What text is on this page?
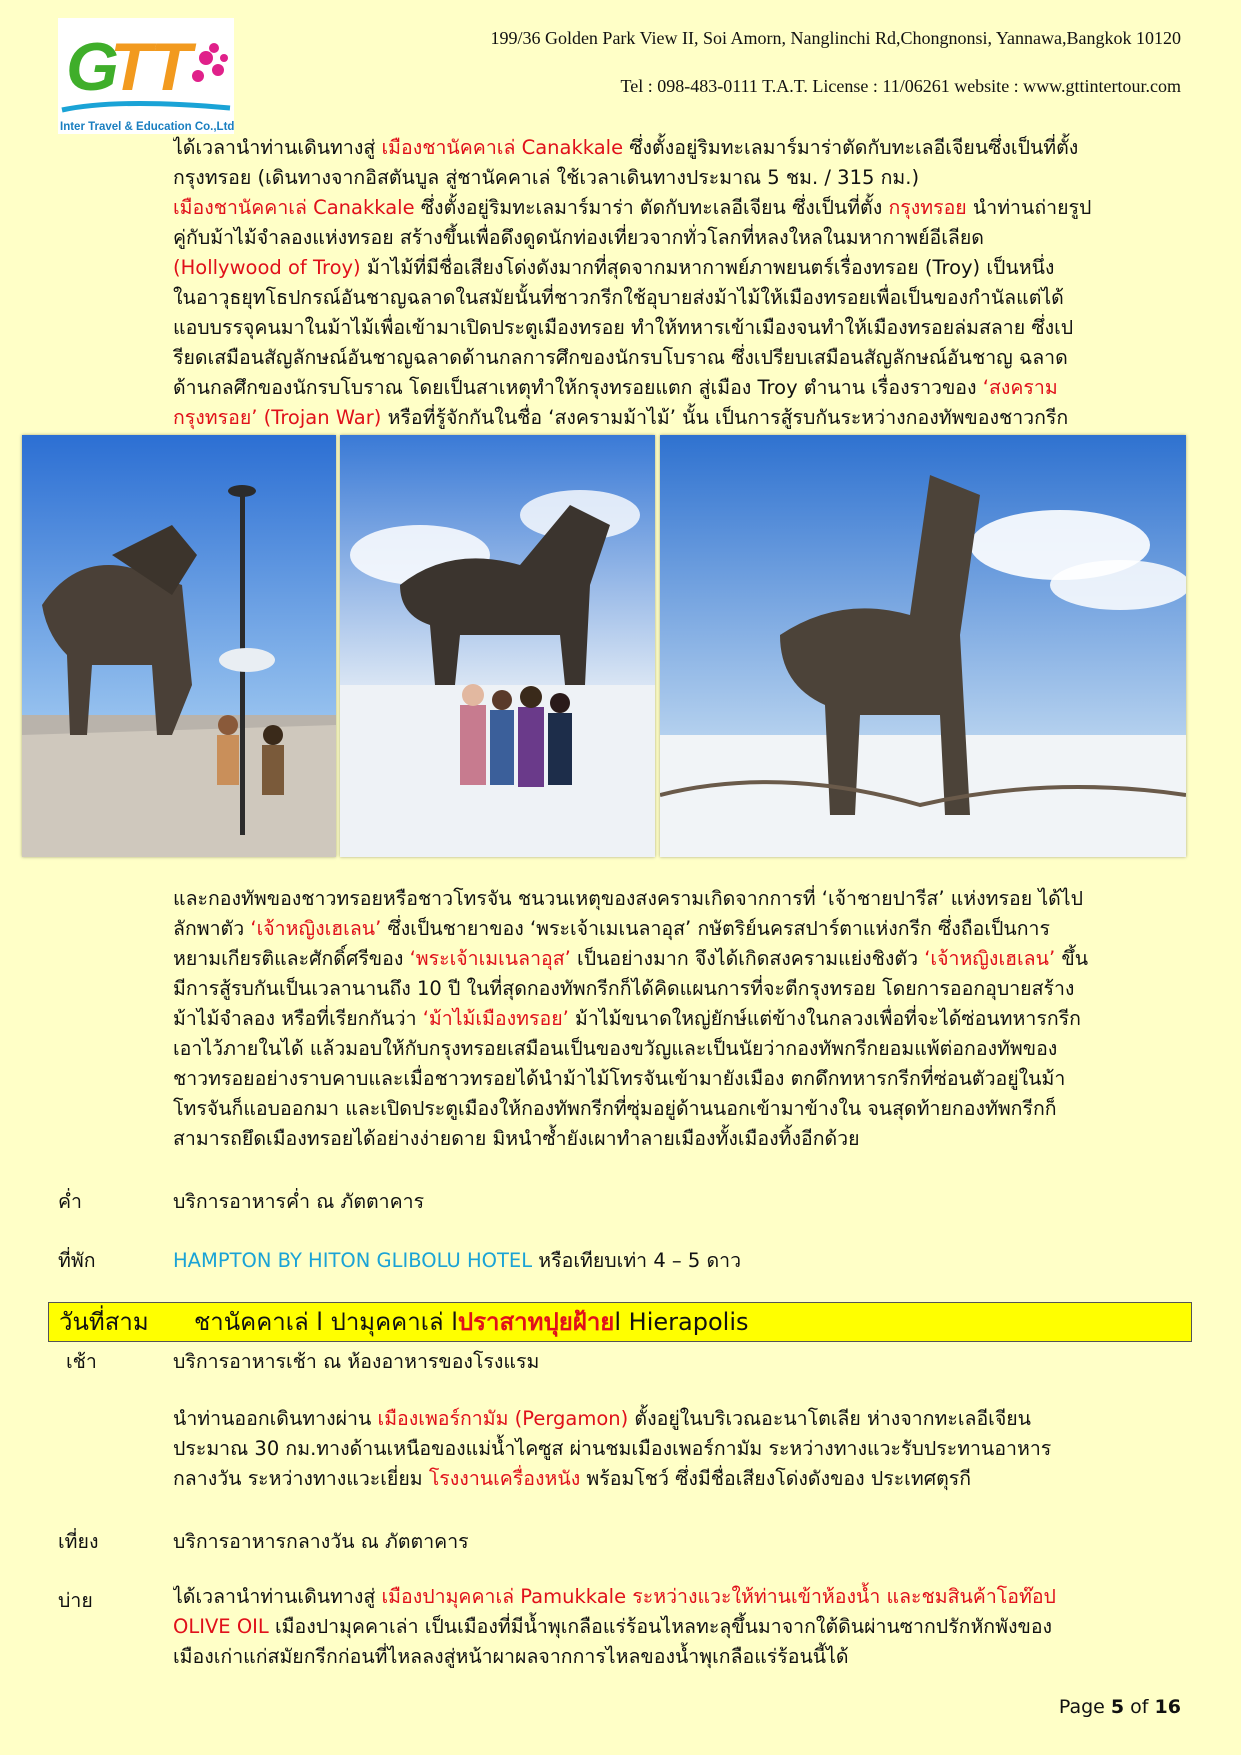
G
T
T
Inter Travel & Education Co.,Ltd.
199/36 Golden Park View II, Soi Amorn, Nanglinchi Rd,Chongnonsi, Yannawa,Bangkok 10120
Tel : 098-483-0111 T.A.T. License : 11/06261 website : www.gttintertour.com
ได้เวลานำท่านเดินทางสู่ เมืองชานัคคาเล่ Canakkale ซึ่งตั้งอยู่ริมทะเลมาร์มาร่าตัดกับทะเลอีเจียนซึ่งเป็นที่ตั้ง
กรุงทรอย (เดินทางจากอิสตันบูล สู่ชานัคคาเล่ ใช้เวลาเดินทางประมาณ 5 ชม. / 315 กม.)
เมืองชานัคคาเล่ Canakkale ซึ่งตั้งอยู่ริมทะเลมาร์มาร่า ตัดกับทะเลอีเจียน ซึ่งเป็นที่ตั้ง กรุงทรอย นำท่านถ่ายรูป
คู่กับม้าไม้จำลองแห่งทรอย สร้างขึ้นเพื่อดึงดูดนักท่องเที่ยวจากทั่วโลกที่หลงใหลในมหากาพย์อีเลียด
(Hollywood of Troy) ม้าไม้ที่มีชื่อเสียงโด่งดังมากที่สุดจากมหากาพย์ภาพยนตร์เรื่องทรอย (Troy) เป็นหนึ่ง
ในอาวุธยุทโธปกรณ์อันชาญฉลาดในสมัยนั้นที่ชาวกรีกใช้อุบายส่งม้าไม้ให้เมืองทรอยเพื่อเป็นของกำนัลแต่ได้
แอบบรรจุคนมาในม้าไม้เพื่อเข้ามาเปิดประตูเมืองทรอย ทำให้ทหารเข้าเมืองจนทำให้เมืองทรอยล่มสลาย ซึ่งเป
รียดเสมือนสัญลักษณ์อันชาญฉลาดด้านกลการศึกของนักรบโบราณ ซึ่งเปรียบเสมือนสัญลักษณ์อันชาญ ฉลาด
ด้านกลศึกของนักรบโบราณ โดยเป็นสาเหตุทำให้กรุงทรอยแตก สู่เมือง Troy ตำนาน เรื่องราวของ ‘สงคราม
กรุงทรอย’ (Trojan War) หรือที่รู้จักกันในชื่อ ‘สงครามม้าไม้’ นั้น เป็นการสู้รบกันระหว่างกองทัพของชาวกรีก
และกองทัพของชาวทรอยหรือชาวโทรจัน ชนวนเหตุของสงครามเกิดจากการที่ ‘เจ้าชายปารีส’ แห่งทรอย ได้ไป
ลักพาตัว ‘เจ้าหญิงเฮเลน’ ซึ่งเป็นชายาของ ‘พระเจ้าเมเนลาอุส’ กษัตริย์นครสปาร์ตาแห่งกรีก ซึ่งถือเป็นการ
หยามเกียรติและศักดิ์ศรีของ ‘พระเจ้าเมเนลาอุส’ เป็นอย่างมาก จึงได้เกิดสงครามแย่งชิงตัว ‘เจ้าหญิงเฮเลน’ ขึ้น
มีการสู้รบกันเป็นเวลานานถึง 10 ปี ในที่สุดกองทัพกรีกก็ได้คิดแผนการที่จะตีกรุงทรอย โดยการออกอุบายสร้าง
ม้าไม้จำลอง หรือที่เรียกกันว่า ‘ม้าไม้เมืองทรอย’ ม้าไม้ขนาดใหญ่ยักษ์แต่ข้างในกลวงเพื่อที่จะได้ซ่อนทหารกรีก
เอาไว้ภายในได้ แล้วมอบให้กับกรุงทรอยเสมือนเป็นของขวัญและเป็นนัยว่ากองทัพกรีกยอมแพ้ต่อกองทัพของ
ชาวทรอยอย่างราบคาบและเมื่อชาวทรอยได้นำม้าไม้โทรจันเข้ามายังเมือง ตกดึกทหารกรีกที่ซ่อนตัวอยู่ในม้า
โทรจันก็แอบออกมา และเปิดประตูเมืองให้กองทัพกรีกที่ซุ่มอยู่ด้านนอกเข้ามาข้างใน จนสุดท้ายกองทัพกรีกก็
สามารถยึดเมืองทรอยได้อย่างง่ายดาย มิหนำซ้ำยังเผาทำลายเมืองทั้งเมืองทิ้งอีกด้วย
ค่ำ	บริการอาหารค่ำ ณ ภัตตาคาร
ที่พัก	HAMPTON BY HITON GLIBOLU HOTEL หรือเทียบเท่า 4 – 5 ดาว
วันที่สาม ชานัคคาเล่ l ปามุคคาเล่ lปราสาทปุยฝ้ายl Hierapolis
เช้า	บริการอาหารเช้า ณ ห้องอาหารของโรงแรม
นำท่านออกเดินทางผ่าน เมืองเพอร์กามัม (Pergamon) ตั้งอยู่ในบริเวณอะนาโตเลีย ห่างจากทะเลอีเจียน
ประมาณ 30 กม.ทางด้านเหนือของแม่น้ำไคซูส ผ่านชมเมืองเพอร์กามัม ระหว่างทางแวะรับประทานอาหาร
กลางวัน ระหว่างทางแวะเยี่ยม โรงงานเครื่องหนัง พร้อมโชว์ ซึ่งมีชื่อเสียงโด่งดังของ ประเทศตุรกี
เที่ยง	บริการอาหารกลางวัน ณ ภัตตาคาร
บ่าย	ได้เวลานำท่านเดินทางสู่ เมืองปามุคคาเล่ Pamukkale ระหว่างแวะให้ท่านเข้าห้องน้ำ และชมสินค้าโอท๊อป
OLIVE OIL เมืองปามุคคาเล่า เป็นเมืองที่มีน้ำพุเกลือแร่ร้อนไหลทะลุขึ้นมาจากใต้ดินผ่านซากปรักหักพังของ
เมืองเก่าแก่สมัยกรีกก่อนที่ไหลลงสู่หน้าผาผลจากการไหลของน้ำพุเกลือแร่ร้อนนี้ได้
Page 5 of 16
